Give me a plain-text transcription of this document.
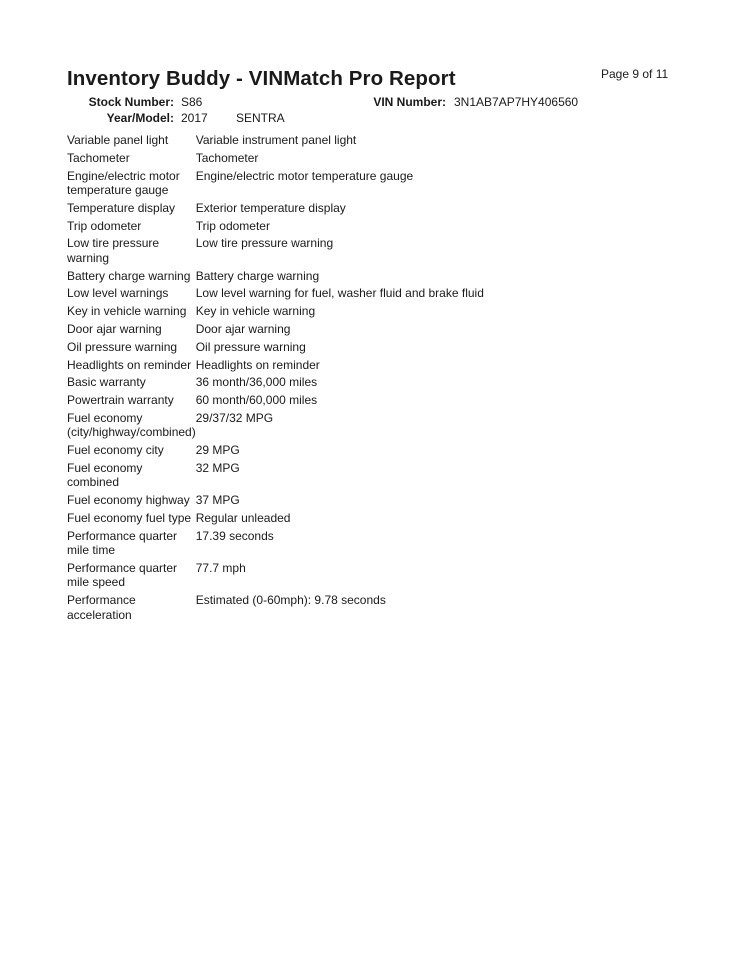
Page 9 of 11
Inventory Buddy - VINMatch Pro Report
Stock Number: S86	VIN Number: 3N1AB7AP7HY406560
Year/Model: 2017 SENTRA
Variable panel light	Variable instrument panel light
Tachometer	Tachometer
Engine/electric motor temperature gauge	Engine/electric motor temperature gauge
Temperature display	Exterior temperature display
Trip odometer	Trip odometer
Low tire pressure warning	Low tire pressure warning
Battery charge warning	Battery charge warning
Low level warnings	Low level warning for fuel, washer fluid and brake fluid
Key in vehicle warning	Key in vehicle warning
Door ajar warning	Door ajar warning
Oil pressure warning	Oil pressure warning
Headlights on reminder	Headlights on reminder
Basic warranty	36 month/36,000 miles
Powertrain warranty	60 month/60,000 miles
Fuel economy (city/highway/combined)	29/37/32 MPG
Fuel economy city	29 MPG
Fuel economy combined	32 MPG
Fuel economy highway	37 MPG
Fuel economy fuel type	Regular unleaded
Performance quarter mile time	17.39 seconds
Performance quarter mile speed	77.7 mph
Performance acceleration	Estimated (0-60mph): 9.78 seconds
